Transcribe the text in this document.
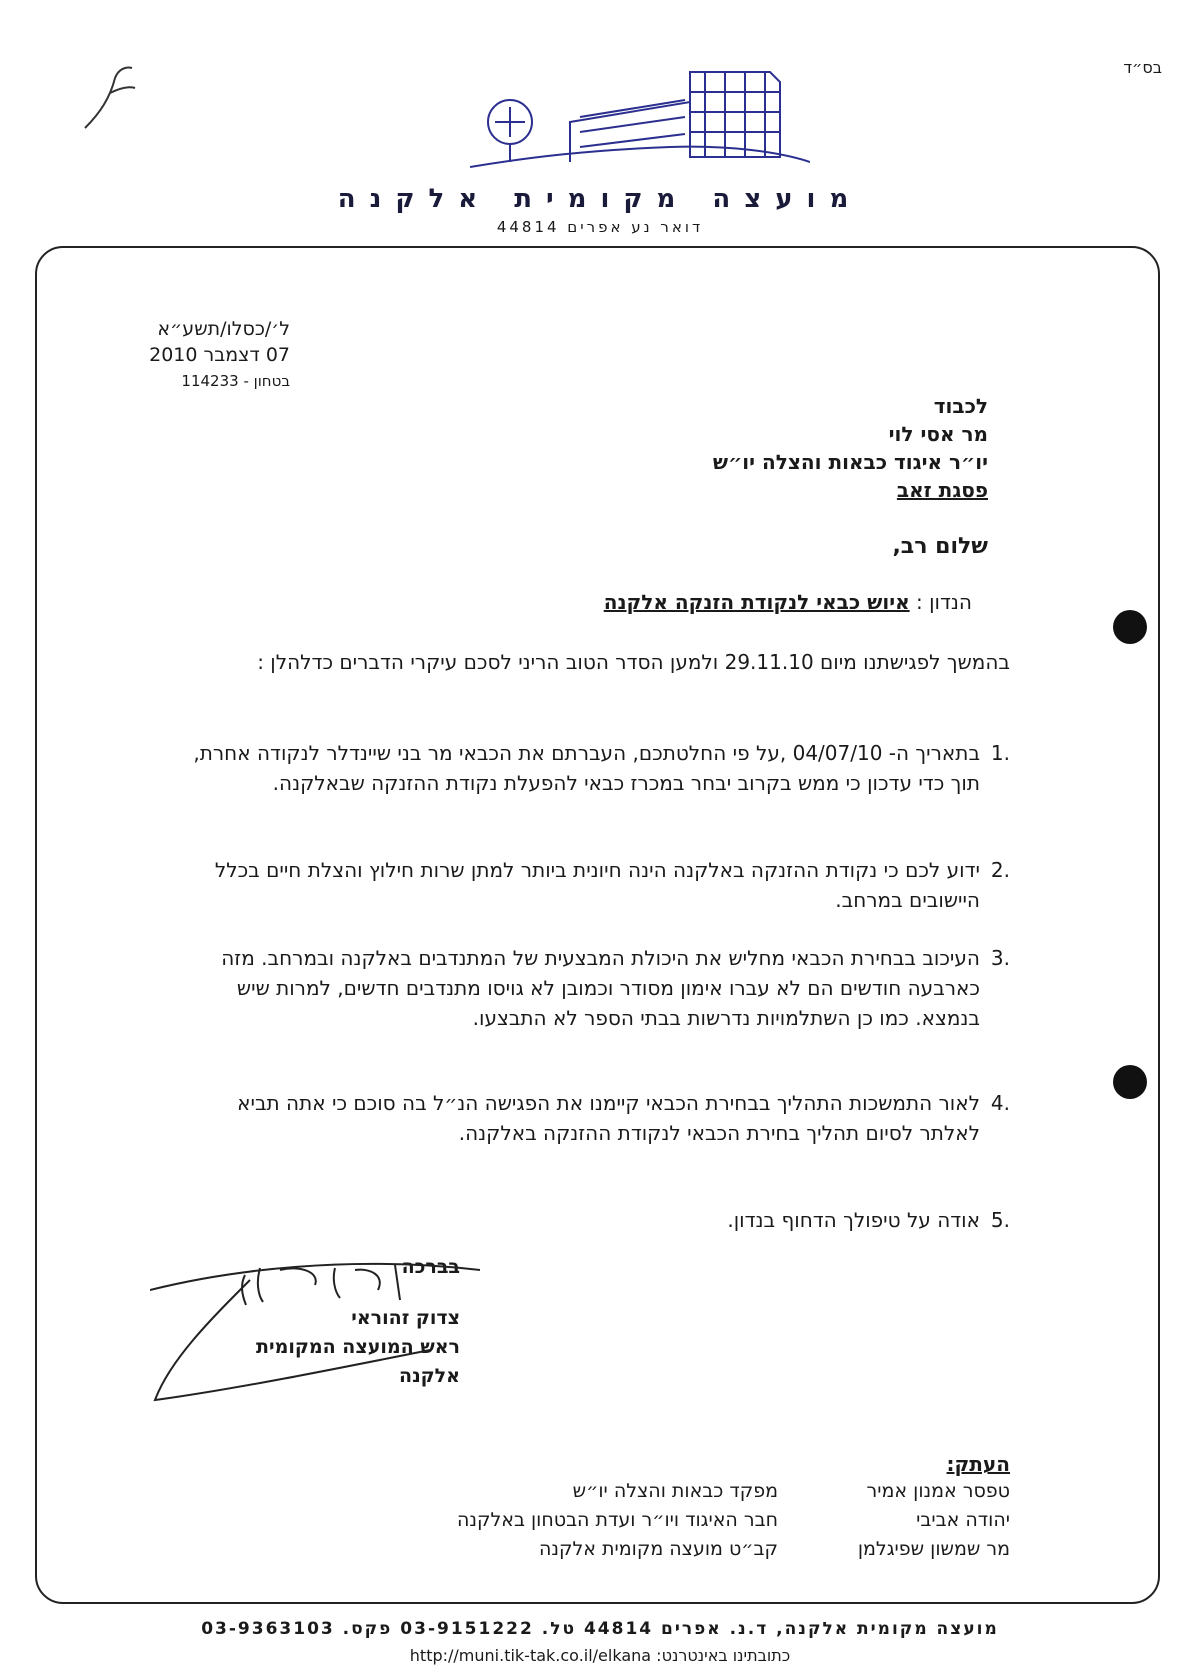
בס״ד
מועצה מקומית אלקנה
דואר נע אפרים 44814
ל׳/כסלו/תשע״א
07 דצמבר 2010
בטחון - 114233
לכבוד
מר אסי לוי
יו״ר איגוד כבאות והצלה יו״ש
פסגת זאב
שלום רב,
הנדון : איוש כבאי לנקודת הזנקה אלקנה
בהמשך לפגישתנו מיום 29.11.10 ולמען הסדר הטוב הריני לסכם עיקרי הדברים כדלהלן :
1.
בתאריך ה- 04/07/10 ,על פי החלטתכם, העברתם את הכבאי מר בני שיינדלר לנקודה אחרת, תוך כדי עדכון כי ממש בקרוב יבחר במכרז כבאי להפעלת נקודת ההזנקה שבאלקנה.
2.
ידוע לכם כי נקודת ההזנקה באלקנה הינה חיונית ביותר למתן שרות חילוץ והצלת חיים בכלל היישובים במרחב.
3.
העיכוב בבחירת הכבאי מחליש את היכולת המבצעית של המתנדבים באלקנה ובמרחב. מזה כארבעה חודשים הם לא עברו אימון מסודר וכמובן לא גויסו מתנדבים חדשים, למרות שיש בנמצא. כמו כן השתלמויות נדרשות בבתי הספר לא התבצעו.
4.
לאור התמשכות התהליך בבחירת הכבאי קיימנו את הפגישה הנ״ל בה סוכם כי אתה תביא לאלתר לסיום תהליך בחירת הכבאי לנקודת ההזנקה באלקנה.
5.
אודה על טיפולך הדחוף בנדון.
בברכה
צדוק זהוראי
ראש המועצה המקומית
אלקנה
העתק:
טפסר אמנון אמיר
יהודה אביבי
מר שמשון שפיגלמן
מפקד כבאות והצלה יו״ש
חבר האיגוד ויו״ר ועדת הבטחון באלקנה
קב״ט מועצה מקומית אלקנה
מועצה מקומית אלקנה, ד.נ. אפרים 44814 טל. 03-9151222 פקס. 03-9363103
כתובתינו באינטרנט: http://muni.tik-tak.co.il/elkana
